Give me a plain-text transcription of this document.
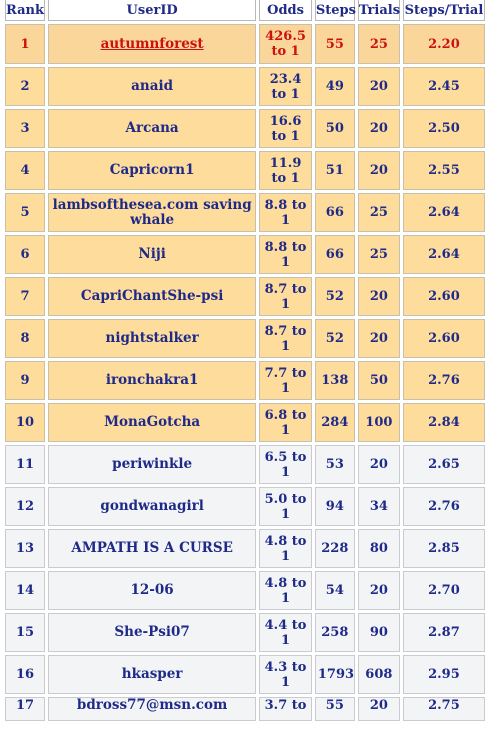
Rank	UserID	Odds	Steps	Trials	Steps/Trial
1	autumnforest	426.5 to 1	55	25	2.20
2	anaid	23.4 to 1	49	20	2.45
3	Arcana	16.6 to 1	50	20	2.50
4	Capricorn1	11.9 to 1	51	20	2.55
5	lambsofthesea.com saving whale	8.8 to 1	66	25	2.64
6	Niji	8.8 to 1	66	25	2.64
7	CapriChantShe-psi	8.7 to 1	52	20	2.60
8	nightstalker	8.7 to 1	52	20	2.60
9	ironchakra1	7.7 to 1	138	50	2.76
10	MonaGotcha	6.8 to 1	284	100	2.84
11	periwinkle	6.5 to 1	53	20	2.65
12	gondwanagirl	5.0 to 1	94	34	2.76
13	AMPATH IS A CURSE	4.8 to 1	228	80	2.85
14	12-06	4.8 to 1	54	20	2.70
15	She-Psi07	4.4 to 1	258	90	2.87
16	hkasper	4.3 to 1	1793	608	2.95
17	bdross77@msn.com	3.7 to	55	20	2.75
